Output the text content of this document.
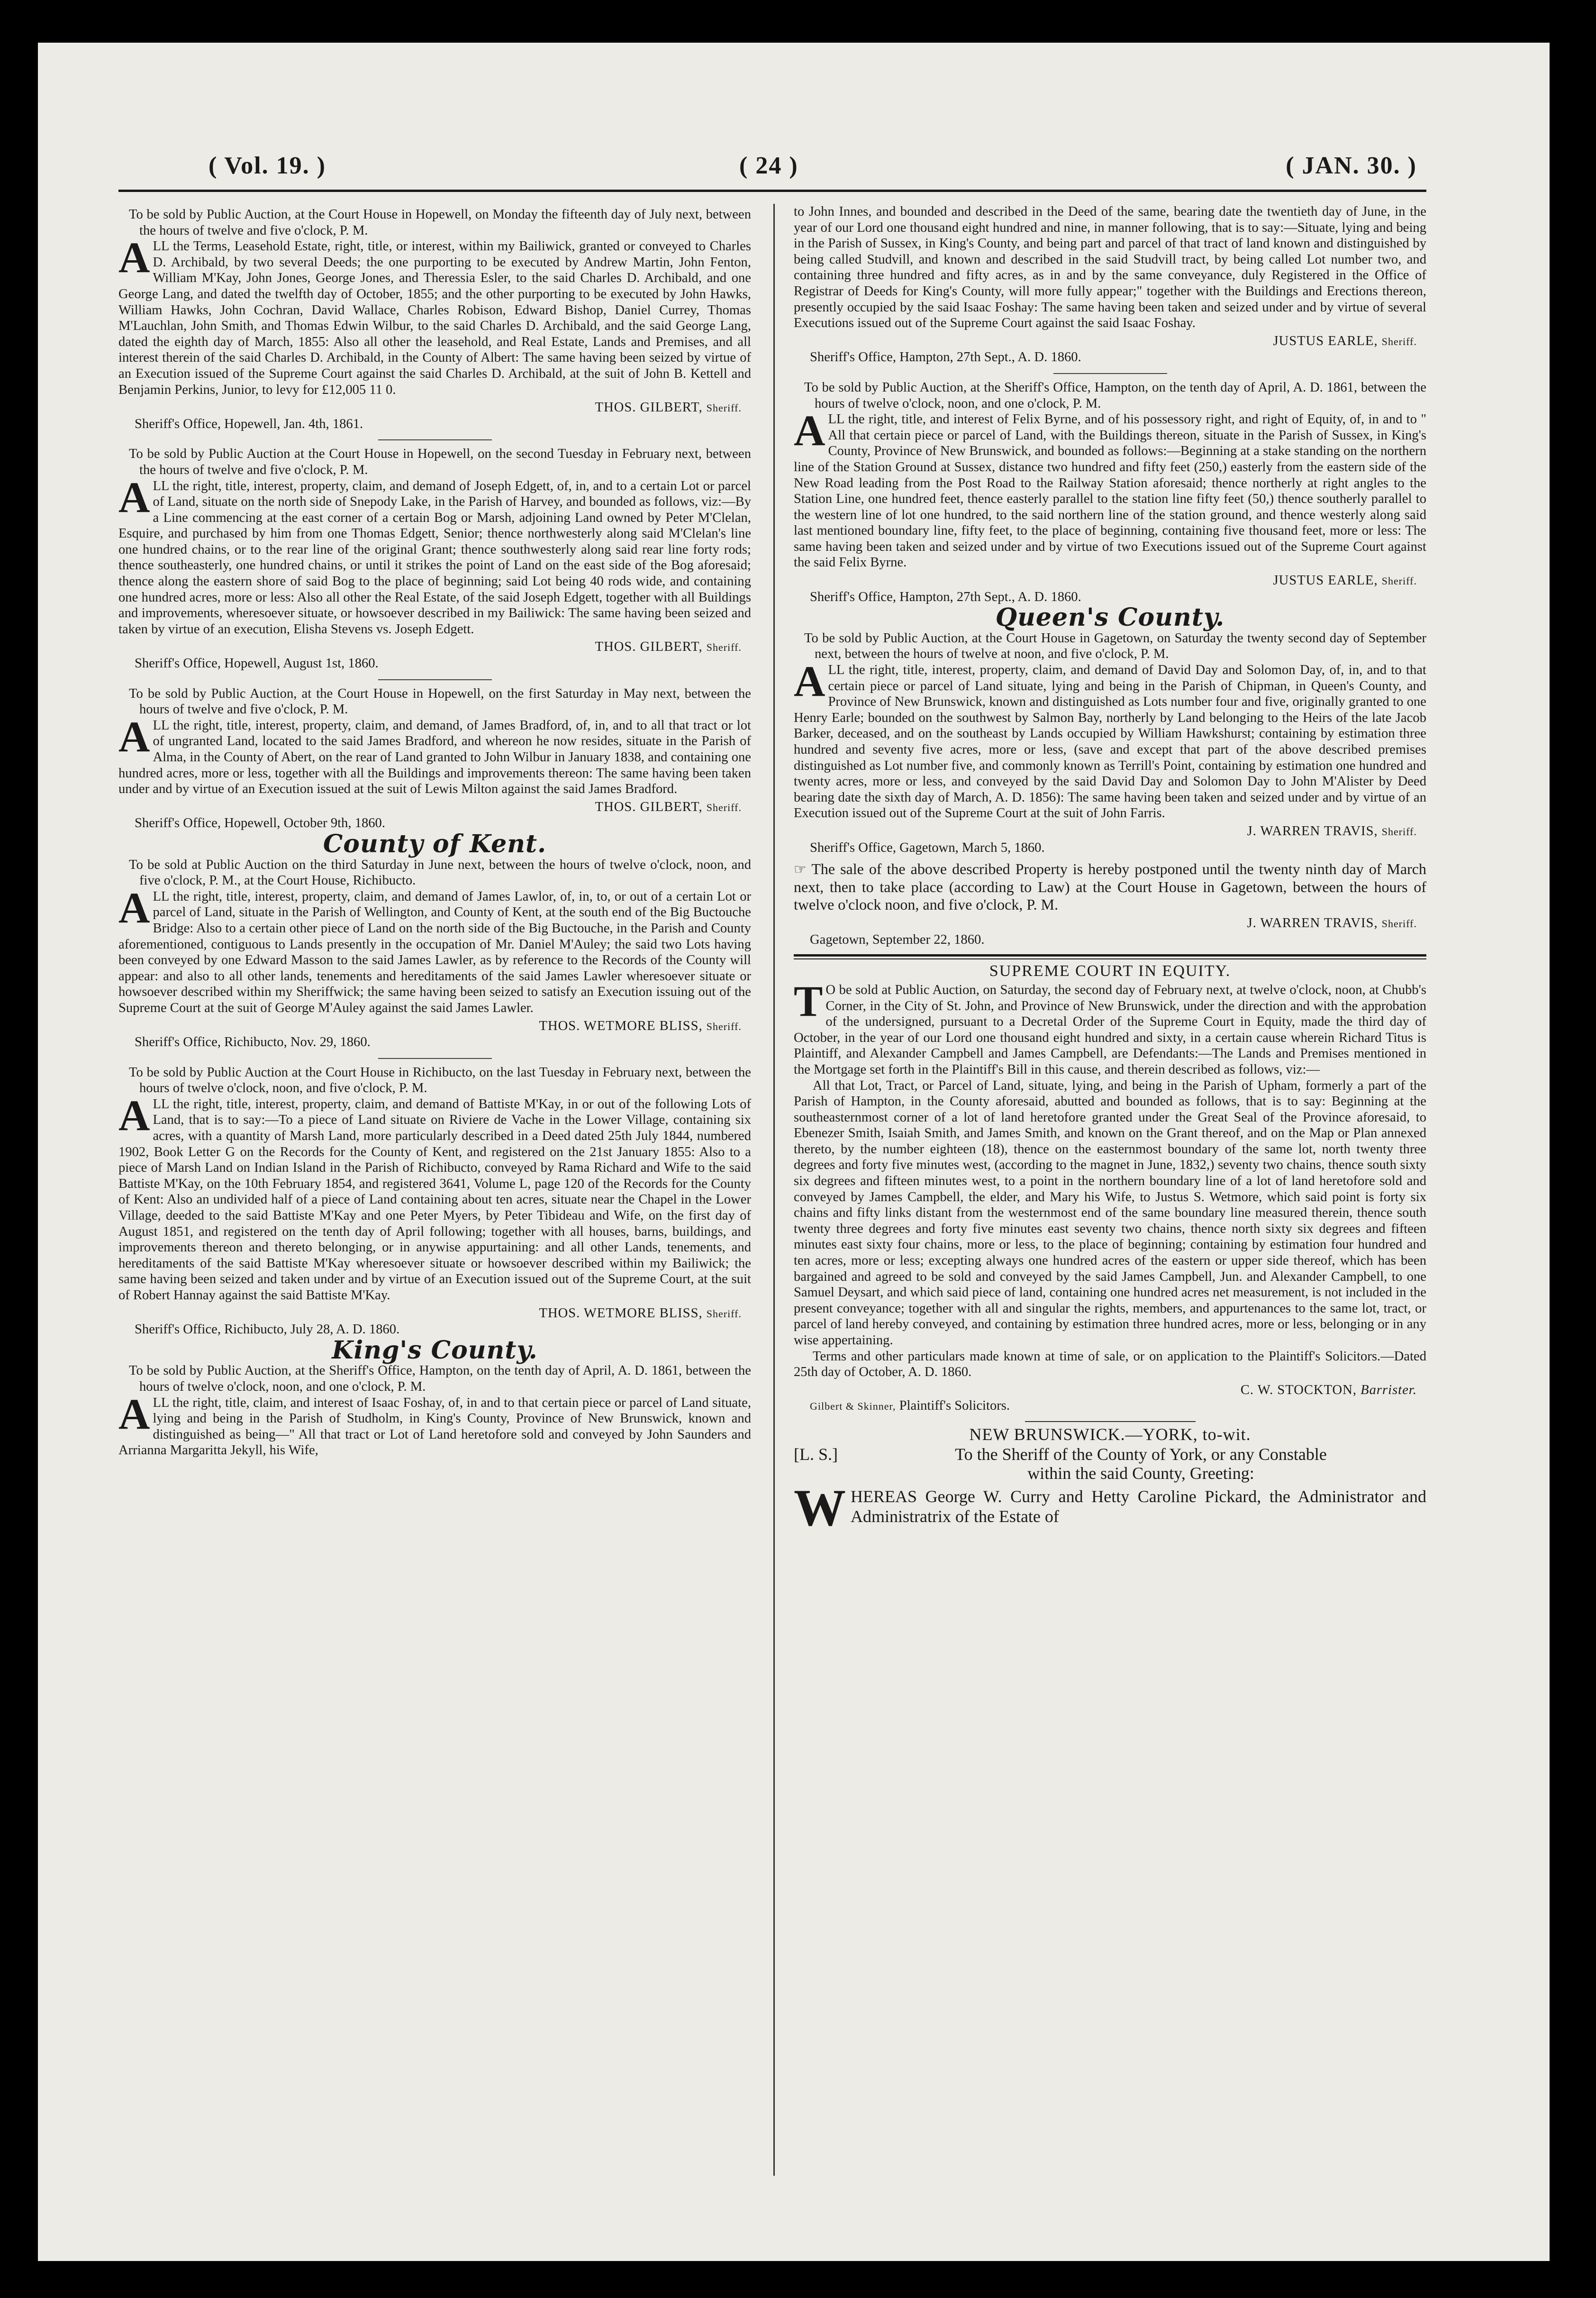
( Vol. 19. )	( 24 )	( JAN. 30. )

To be sold by Public Auction, at the Court House in Hopewell, on Monday the fifteenth day of July next, between the hours of twelve and five o'clock, P. M.

ALL the Terms, Leasehold Estate, right, title, or interest, within my Bailiwick, granted or conveyed to Charles D. Archibald, by two several Deeds; the one purporting to be executed by Andrew Martin, John Fenton, William M'Kay, John Jones, George Jones, and Theressia Esler, to the said Charles D. Archibald, and one George Lang, and dated the twelfth day of October, 1855; and the other purporting to be executed by John Hawks, William Hawks, John Cochran, David Wallace, Charles Robison, Edward Bishop, Daniel Currey, Thomas M'Lauchlan, John Smith, and Thomas Edwin Wilbur, to the said Charles D. Archibald, and the said George Lang, dated the eighth day of March, 1855: Also all other the leasehold, and Real Estate, Lands and Premises, and all interest therein of the said Charles D. Archibald, in the County of Albert: The same having been seized by virtue of an Execution issued of the Supreme Court against the said Charles D. Archibald, at the suit of John B. Kettell and Benjamin Perkins, Junior, to levy for £12,005 11 0.

THOS. GILBERT, Sheriff.

Sheriff's Office, Hopewell, Jan. 4th, 1861.

To be sold by Public Auction at the Court House in Hopewell, on the second Tuesday in February next, between the hours of twelve and five o'clock, P. M.

ALL the right, title, interest, property, claim, and demand of Joseph Edgett, of, in, and to a certain Lot or parcel of Land, situate on the north side of Snepody Lake, in the Parish of Harvey, and bounded as follows, viz:—By a Line commencing at the east corner of a certain Bog or Marsh, adjoining Land owned by Peter M'Clelan, Esquire, and purchased by him from one Thomas Edgett, Senior; thence northwesterly along said M'Clelan's line one hundred chains, or to the rear line of the original Grant; thence southwesterly along said rear line forty rods; thence southeasterly, one hundred chains, or until it strikes the point of Land on the east side of the Bog aforesaid; thence along the eastern shore of said Bog to the place of beginning; said Lot being 40 rods wide, and containing one hundred acres, more or less: Also all other the Real Estate, of the said Joseph Edgett, together with all Buildings and improvements, wheresoever situate, or howsoever described in my Bailiwick: The same having been seized and taken by virtue of an execution, Elisha Stevens vs. Joseph Edgett.

THOS. GILBERT, Sheriff.

Sheriff's Office, Hopewell, August 1st, 1860.

To be sold by Public Auction, at the Court House in Hopewell, on the first Saturday in May next, between the hours of twelve and five o'clock, P. M.

ALL the right, title, interest, property, claim, and demand, of James Bradford, of, in, and to all that tract or lot of ungranted Land, located to the said James Bradford, and whereon he now resides, situate in the Parish of Alma, in the County of Abert, on the rear of Land granted to John Wilbur in January 1838, and containing one hundred acres, more or less, together with all the Buildings and improvements thereon: The same having been taken under and by virtue of an Execution issued at the suit of Lewis Milton against the said James Bradford.

THOS. GILBERT, Sheriff.

Sheriff's Office, Hopewell, October 9th, 1860.

County of Kent.

To be sold at Public Auction on the third Saturday in June next, between the hours of twelve o'clock, noon, and five o'clock, P. M., at the Court House, Richibucto.

ALL the right, title, interest, property, claim, and demand of James Lawlor, of, in, to, or out of a certain Lot or parcel of Land, situate in the Parish of Wellington, and County of Kent, at the south end of the Big Buctouche Bridge: Also to a certain other piece of Land on the north side of the Big Buctouche, in the Parish and County aforementioned, contiguous to Lands presently in the occupation of Mr. Daniel M'Auley; the said two Lots having been conveyed by one Edward Masson to the said James Lawler, as by reference to the Records of the County will appear: and also to all other lands, tenements and hereditaments of the said James Lawler wheresoever situate or howsoever described within my Sheriffwick; the same having been seized to satisfy an Execution issuing out of the Supreme Court at the suit of George M'Auley against the said James Lawler.

THOS. WETMORE BLISS, Sheriff.

Sheriff's Office, Richibucto, Nov. 29, 1860.

To be sold by Public Auction at the Court House in Richibucto, on the last Tuesday in February next, between the hours of twelve o'clock, noon, and five o'clock, P. M.

ALL the right, title, interest, property, claim, and demand of Battiste M'Kay, in or out of the following Lots of Land, that is to say:—To a piece of Land situate on Riviere de Vache in the Lower Village, containing six acres, with a quantity of Marsh Land, more particularly described in a Deed dated 25th July 1844, numbered 1902, Book Letter G on the Records for the County of Kent, and registered on the 21st January 1855: Also to a piece of Marsh Land on Indian Island in the Parish of Richibucto, conveyed by Rama Richard and Wife to the said Battiste M'Kay, on the 10th February 1854, and registered 3641, Volume L, page 120 of the Records for the County of Kent: Also an undivided half of a piece of Land containing about ten acres, situate near the Chapel in the Lower Village, deeded to the said Battiste M'Kay and one Peter Myers, by Peter Tibideau and Wife, on the first day of August 1851, and registered on the tenth day of April following; together with all houses, barns, buildings, and improvements thereon and thereto belonging, or in anywise appurtaining: and all other Lands, tenements, and hereditaments of the said Battiste M'Kay wheresoever situate or howsoever described within my Bailiwick; the same having been seized and taken under and by virtue of an Execution issued out of the Supreme Court, at the suit of Robert Hannay against the said Battiste M'Kay.

THOS. WETMORE BLISS, Sheriff.

Sheriff's Office, Richibucto, July 28, A. D. 1860.

King's County.

To be sold by Public Auction, at the Sheriff's Office, Hampton, on the tenth day of April, A. D. 1861, between the hours of twelve o'clock, noon, and one o'clock, P. M.

ALL the right, title, claim, and interest of Isaac Foshay, of, in and to that certain piece or parcel of Land situate, lying and being in the Parish of Studholm, in King's County, Province of New Brunswick, known and distinguished as being—" All that tract or Lot of Land heretofore sold and conveyed by John Saunders and Arrianna Margaritta Jekyll, his Wife,

to John Innes, and bounded and described in the Deed of the same, bearing date the twentieth day of June, in the year of our Lord one thousand eight hundred and nine, in manner following, that is to say:—Situate, lying and being in the Parish of Sussex, in King's County, and being part and parcel of that tract of land known and distinguished by being called Studvill, and known and described in the said Studvill tract, by being called Lot number two, and containing three hundred and fifty acres, as in and by the same conveyance, duly Registered in the Office of Registrar of Deeds for King's County, will more fully appear;" together with the Buildings and Erections thereon, presently occupied by the said Isaac Foshay: The same having been taken and seized under and by virtue of several Executions issued out of the Supreme Court against the said Isaac Foshay.

JUSTUS EARLE, Sheriff.

Sheriff's Office, Hampton, 27th Sept., A. D. 1860.

To be sold by Public Auction, at the Sheriff's Office, Hampton, on the tenth day of April, A. D. 1861, between the hours of twelve o'clock, noon, and one o'clock, P. M.

ALL the right, title, and interest of Felix Byrne, and of his possessory right, and right of Equity, of, in and to " All that certain piece or parcel of Land, with the Buildings thereon, situate in the Parish of Sussex, in King's County, Province of New Brunswick, and bounded as follows:—Beginning at a stake standing on the northern line of the Station Ground at Sussex, distance two hundred and fifty feet (250,) easterly from the eastern side of the New Road leading from the Post Road to the Railway Station aforesaid; thence northerly at right angles to the Station Line, one hundred feet, thence easterly parallel to the station line fifty feet (50,) thence southerly parallel to the western line of lot one hundred, to the said northern line of the station ground, and thence westerly along said last mentioned boundary line, fifty feet, to the place of beginning, containing five thousand feet, more or less: The same having been taken and seized under and by virtue of two Executions issued out of the Supreme Court against the said Felix Byrne.

JUSTUS EARLE, Sheriff.

Sheriff's Office, Hampton, 27th Sept., A. D. 1860.

Queen's County.

To be sold by Public Auction, at the Court House in Gagetown, on Saturday the twenty second day of September next, between the hours of twelve at noon, and five o'clock, P. M.

ALL the right, title, interest, property, claim, and demand of David Day and Solomon Day, of, in, and to that certain piece or parcel of Land situate, lying and being in the Parish of Chipman, in Queen's County, and Province of New Brunswick, known and distinguished as Lots number four and five, originally granted to one Henry Earle; bounded on the southwest by Salmon Bay, northerly by Land belonging to the Heirs of the late Jacob Barker, deceased, and on the southeast by Lands occupied by William Hawkshurst; containing by estimation three hundred and seventy five acres, more or less, (save and except that part of the above described premises distinguished as Lot number five, and commonly known as Terrill's Point, containing by estimation one hundred and twenty acres, more or less, and conveyed by the said David Day and Solomon Day to John M'Alister by Deed bearing date the sixth day of March, A. D. 1856): The same having been taken and seized under and by virtue of an Execution issued out of the Supreme Court at the suit of John Farris.

J. WARREN TRAVIS, Sheriff.

Sheriff's Office, Gagetown, March 5, 1860.

☞ The sale of the above described Property is hereby postponed until the twenty ninth day of March next, then to take place (according to Law) at the Court House in Gagetown, between the hours of twelve o'clock noon, and five o'clock, P. M.

J. WARREN TRAVIS, Sheriff.

Gagetown, September 22, 1860.

SUPREME COURT IN EQUITY.

TO be sold at Public Auction, on Saturday, the second day of February next, at twelve o'clock, noon, at Chubb's Corner, in the City of St. John, and Province of New Brunswick, under the direction and with the approbation of the undersigned, pursuant to a Decretal Order of the Supreme Court in Equity, made the third day of October, in the year of our Lord one thousand eight hundred and sixty, in a certain cause wherein Richard Titus is Plaintiff, and Alexander Campbell and James Campbell, are Defendants:—The Lands and Premises mentioned in the Mortgage set forth in the Plaintiff's Bill in this cause, and therein described as follows, viz:—

All that Lot, Tract, or Parcel of Land, situate, lying, and being in the Parish of Upham, formerly a part of the Parish of Hampton, in the County aforesaid, abutted and bounded as follows, that is to say: Beginning at the southeasternmost corner of a lot of land heretofore granted under the Great Seal of the Province aforesaid, to Ebenezer Smith, Isaiah Smith, and James Smith, and known on the Grant thereof, and on the Map or Plan annexed thereto, by the number eighteen (18), thence on the easternmost boundary of the same lot, north twenty three degrees and forty five minutes west, (according to the magnet in June, 1832,) seventy two chains, thence south sixty six degrees and fifteen minutes west, to a point in the northern boundary line of a lot of land heretofore sold and conveyed by James Campbell, the elder, and Mary his Wife, to Justus S. Wetmore, which said point is forty six chains and fifty links distant from the westernmost end of the same boundary line measured therein, thence south twenty three degrees and forty five minutes east seventy two chains, thence north sixty six degrees and fifteen minutes east sixty four chains, more or less, to the place of beginning; containing by estimation four hundred and ten acres, more or less; excepting always one hundred acres of the eastern or upper side thereof, which has been bargained and agreed to be sold and conveyed by the said James Campbell, Jun. and Alexander Campbell, to one Samuel Deysart, and which said piece of land, containing one hundred acres net measurement, is not included in the present conveyance; together with all and singular the rights, members, and appurtenances to the same lot, tract, or parcel of land hereby conveyed, and containing by estimation three hundred acres, more or less, belonging or in any wise appertaining.

Terms and other particulars made known at time of sale, or on application to the Plaintiff's Solicitors.—Dated 25th day of October, A. D. 1860.

C. W. STOCKTON, Barrister.

Gilbert & Skinner, Plaintiff's Solicitors.

NEW BRUNSWICK.—YORK, to-wit.

[L. S.]	To the Sheriff of the County of York, or any Constable
within the said County, Greeting:

WHEREAS George W. Curry and Hetty Caroline Pickard, the Administrator and Administratrix of the Estate of
